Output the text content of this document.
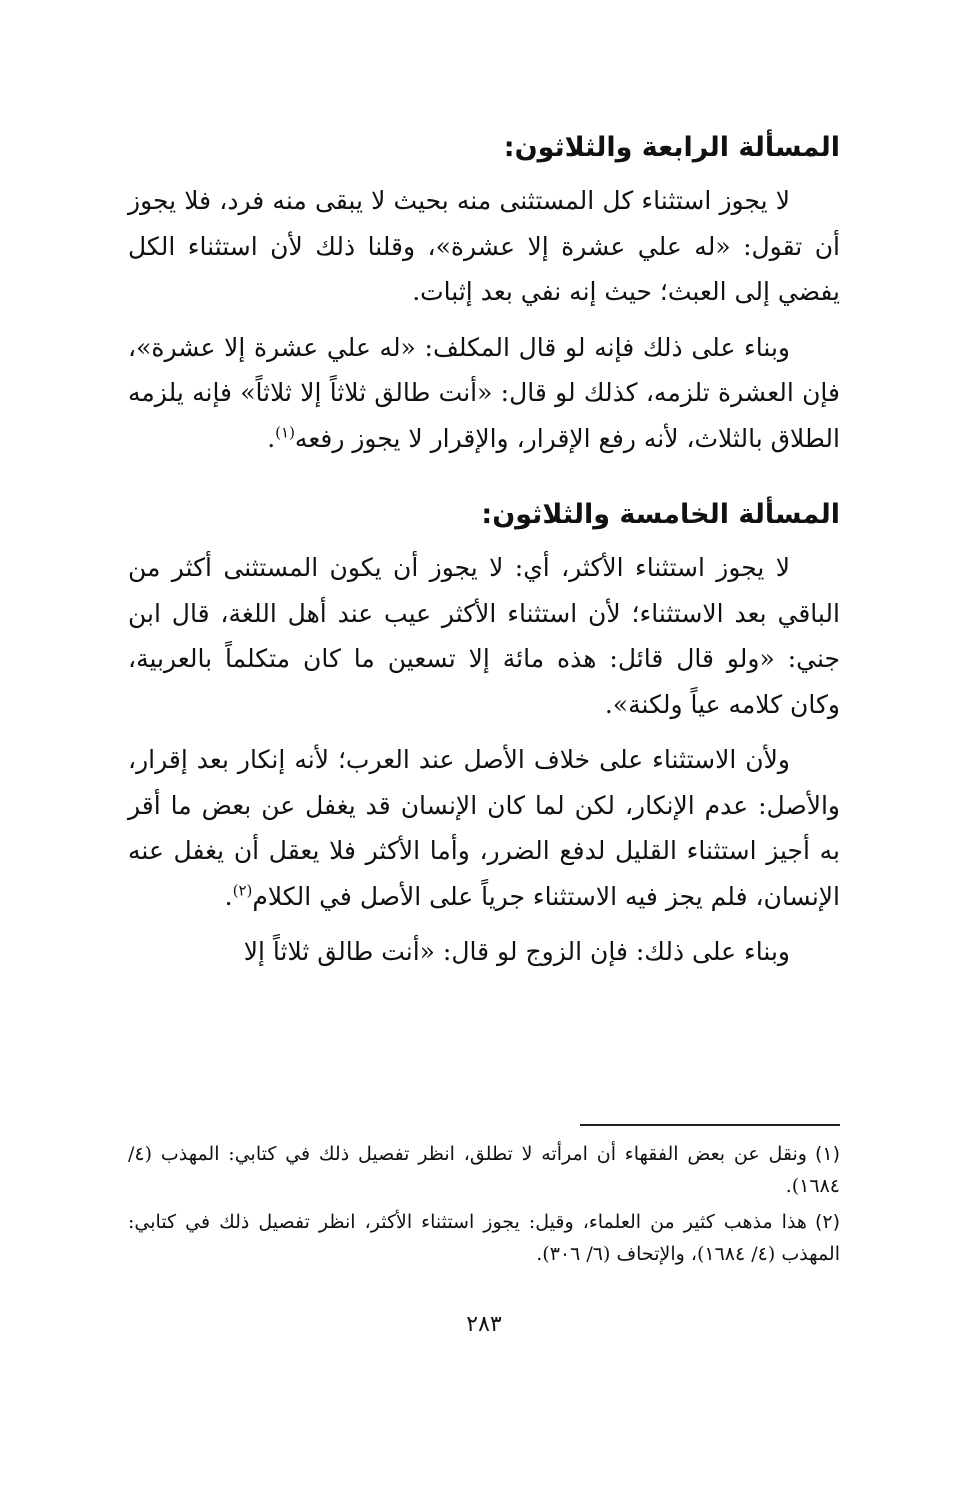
المسألة الرابعة والثلاثون:

لا يجوز استثناء كل المستثنى منه بحيث لا يبقى منه فرد، فلا يجوز أن تقول: «له علي عشرة إلا عشرة»، وقلنا ذلك لأن استثناء الكل يفضي إلى العبث؛ حيث إنه نفي بعد إثبات.

وبناء على ذلك فإنه لو قال المكلف: «له علي عشرة إلا عشرة»، فإن العشرة تلزمه، كذلك لو قال: «أنت طالق ثلاثاً إلا ثلاثاً» فإنه يلزمه الطلاق بالثلاث، لأنه رفع الإقرار، والإقرار لا يجوز رفعه$^{(١)}$.

المسألة الخامسة والثلاثون:

لا يجوز استثناء الأكثر، أي: لا يجوز أن يكون المستثنى أكثر من الباقي بعد الاستثناء؛ لأن استثناء الأكثر عيب عند أهل اللغة، قال ابن جني: «ولو قال قائل: هذه مائة إلا تسعين ما كان متكلماً بالعربية، وكان كلامه عياً ولكنة».

ولأن الاستثناء على خلاف الأصل عند العرب؛ لأنه إنكار بعد إقرار، والأصل: عدم الإنكار، لكن لما كان الإنسان قد يغفل عن بعض ما أقر به أجيز استثناء القليل لدفع الضرر، وأما الأكثر فلا يعقل أن يغفل عنه الإنسان، فلم يجز فيه الاستثناء جرياً على الأصل في الكلام$^{(٢)}$.

وبناء على ذلك: فإن الزوج لو قال: «أنت طالق ثلاثاً إلا

(١)ونقل عن بعض الفقهاء أن امرأته لا تطلق، انظر تفصيل ذلك في كتابي: المهذب (٤/ ١٦٨٤).

(٢)هذا مذهب كثير من العلماء، وقيل: يجوز استثناء الأكثر، انظر تفصيل ذلك في كتابي: المهذب (٤/ ١٦٨٤)، والإتحاف (٦/ ٣٠٦).

٢٨٣
